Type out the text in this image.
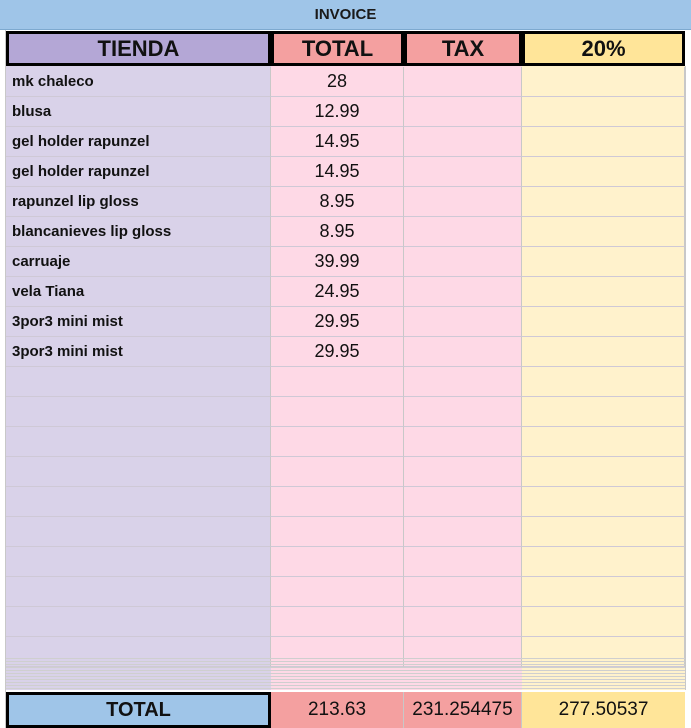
INVOICE
TIENDA	TOTAL	TAX	20%
mk chaleco	28
blusa	12.99
gel holder rapunzel	14.95
gel holder rapunzel	14.95
rapunzel lip gloss	8.95
blancanieves lip gloss	8.95
carruaje	39.99
vela Tiana	24.95
3por3 mini mist	29.95
3por3 mini mist	29.95
TOTAL	213.63	231.254475	277.50537
